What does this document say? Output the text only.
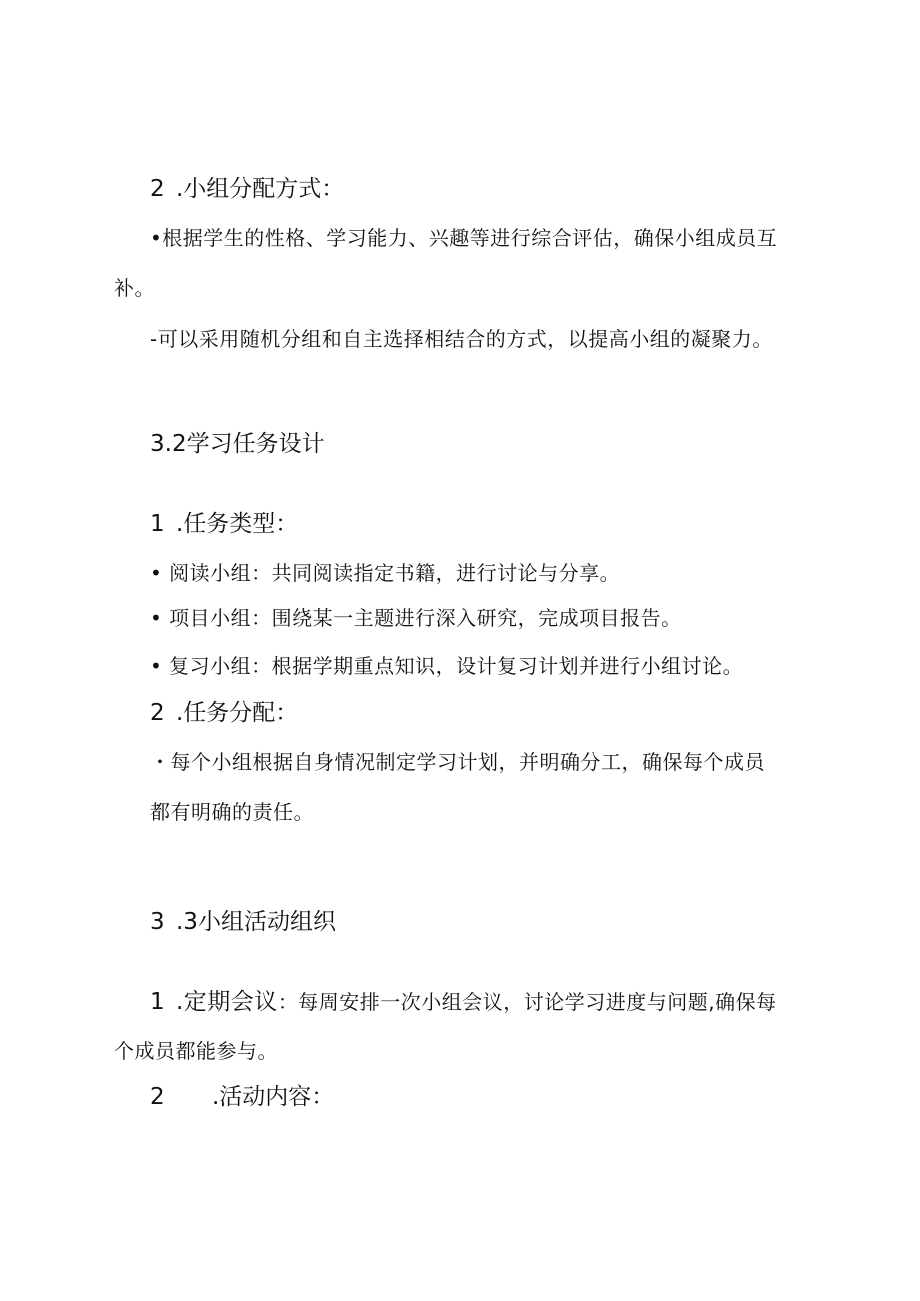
2 .小组分配方式：
•根据学生的性格、学习能力、兴趣等进行综合评估，确保小组成员互
补。
-可以采用随机分组和自主选择相结合的方式，以提高小组的凝聚力。
3.2学习任务设计
1 .任务类型：
• 阅读小组：共同阅读指定书籍，进行讨论与分享。
• 项目小组：围绕某一主题进行深入研究，完成项目报告。
• 复习小组：根据学期重点知识，设计复习计划并进行小组讨论。
2 .任务分配：
・每个小组根据自身情况制定学习计划，并明确分工，确保每个成员
都有明确的责任。
3 .3小组活动组织
1 .定期会议：每周安排一次小组会议，讨论学习进度与问题,确保每
个成员都能参与。
2 .活动内容：
